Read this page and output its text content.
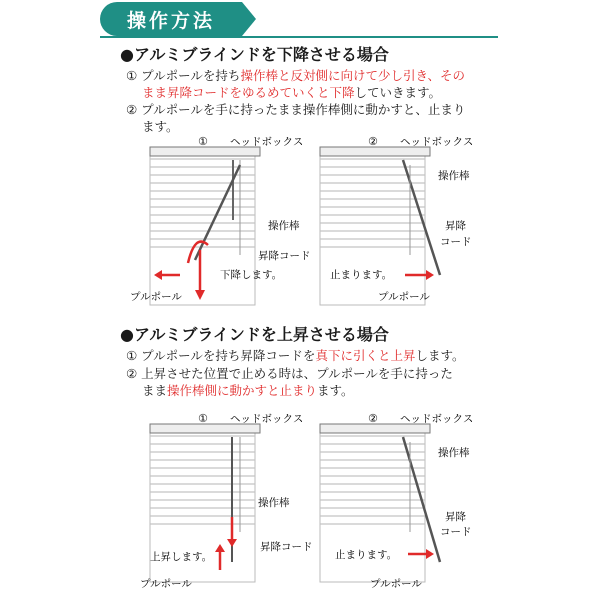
操作方法
●アルミブラインドを下降させる場合
① プルポールを持ち操作棒と反対側に向けて少し引き、その
まま昇降コードをゆるめていくと下降していきます。
② プルポールを手に持ったまま操作棒側に動かすと、止まり
ます。
① ヘッドボックス
操作棒
昇降コード
下降します。
プルポール
② ヘッドボックス
操作棒
昇降
コード
止まります。
プルポール
●アルミブラインドを上昇させる場合
① プルポールを持ち昇降コードを真下に引くと上昇します。
② 上昇させた位置で止める時は、プルポールを手に持った
まま操作棒側に動かすと止まります。
① ヘッドボックス
操作棒
昇降コード
上昇します。
プルポール
② ヘッドボックス
操作棒
昇降
コード
止まります。
プルポール
